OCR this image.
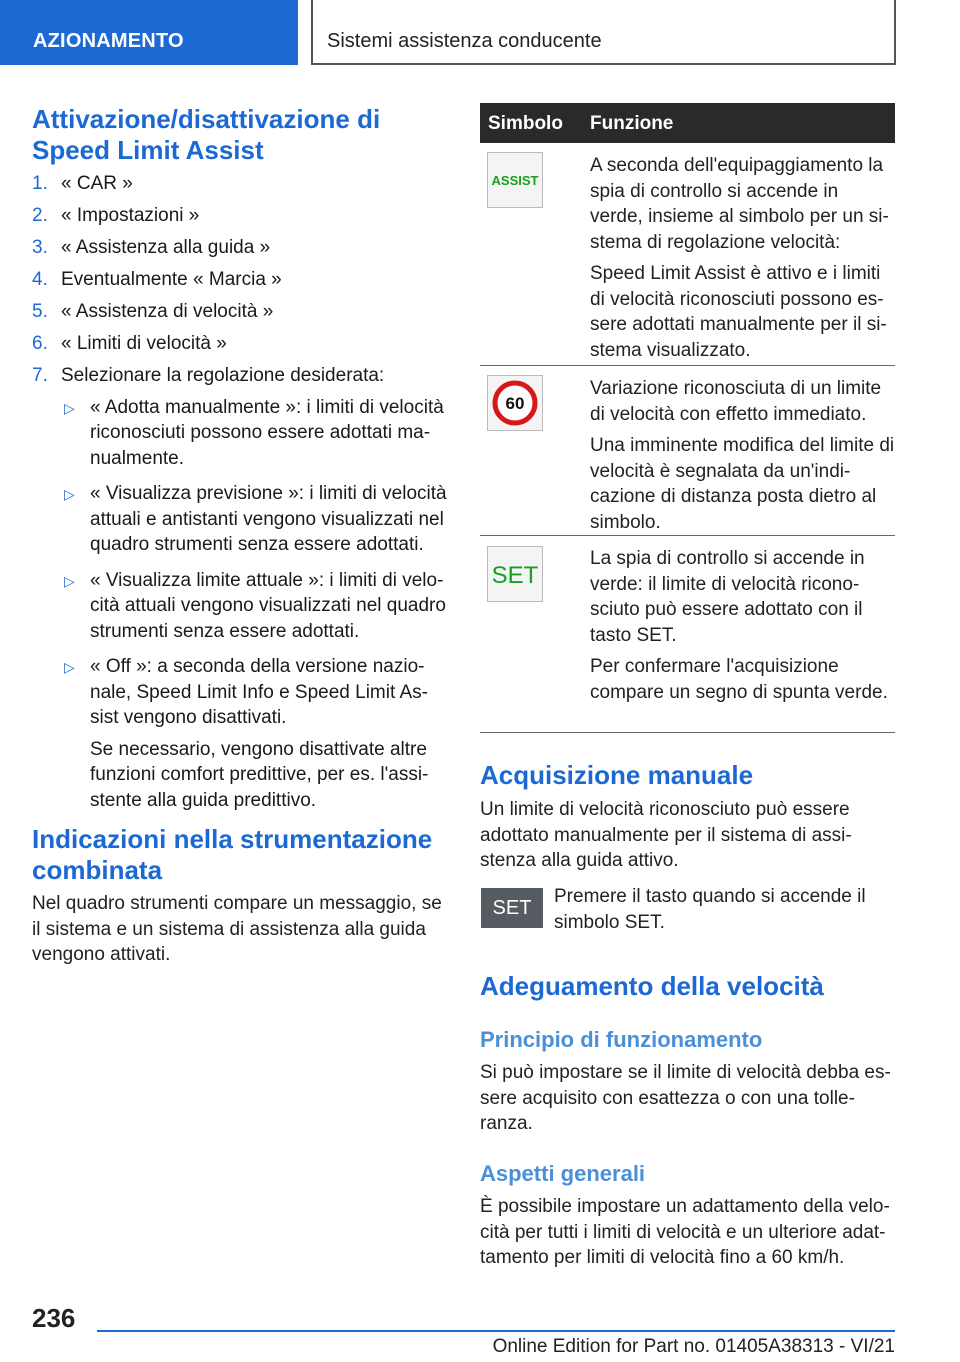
AZIONAMENTO	Sistemi assistenza conducente
Attivazione/disattivazione di Speed Limit Assist
1. « CAR »
2. « Impostazioni »
3. « Assistenza alla guida »
4. Eventualmente « Marcia »
5. « Assistenza di velocità »
6. « Limiti di velocità »
7. Selezionare la regolazione desiderata:
▷ « Adotta manualmente »: i limiti di velocità riconosciuti possono essere adottati ma-nualmente.

▷ « Visualizza previsione »: i limiti di velocità attuali e antistanti vengono visualizzati nel quadro strumenti senza essere adottati.

▷ « Visualizza limite attuale »: i limiti di velo-cità attuali vengono visualizzati nel quadro strumenti senza essere adottati.

▷ « Off »: a seconda della versione nazio-nale, Speed Limit Info e Speed Limit As-sist vengono disattivati.

Se necessario, vengono disattivate altre funzioni comfort predittive, per es. l'assi-stente alla guida predittivo.

Indicazioni nella strumentazione combinata

Nel quadro strumenti compare un messaggio, se il sistema e un sistema di assistenza alla guida vengono attivati.

Simbolo Funzione
ASSIST

A seconda dell'equipaggiamento la spia di controllo si accende in verde, insieme al simbolo per un si-stema di regolazione velocità:

Speed Limit Assist è attivo e i limiti di velocità riconosciuti possono es-sere adottati manualmente per il si-stema visualizzato.

60

Variazione riconosciuta di un limite di velocità con effetto immediato.

Una imminente modifica del limite di velocità è segnalata da un'indi-cazione di distanza posta dietro al simbolo.

SET

La spia di controllo si accende in verde: il limite di velocità ricono-sciuto può essere adottato con il tasto SET.

Per confermare l'acquisizione compare un segno di spunta verde.

Acquisizione manuale

Un limite di velocità riconosciuto può essere adottato manualmente per il sistema di assi-stenza alla guida attivo.

SET

Premere il tasto quando si accende il simbolo SET.

Adeguamento della velocità
Principio di funzionamento

Si può impostare se il limite di velocità debba es-sere acquisito con esattezza o con una tolle-ranza.

Aspetti generali

È possibile impostare un adattamento della velo-cità per tutti i limiti di velocità e un ulteriore adat-tamento per limiti di velocità fino a 60 km/h.

236
Online Edition for Part no. 01405A38313 - VI/21
